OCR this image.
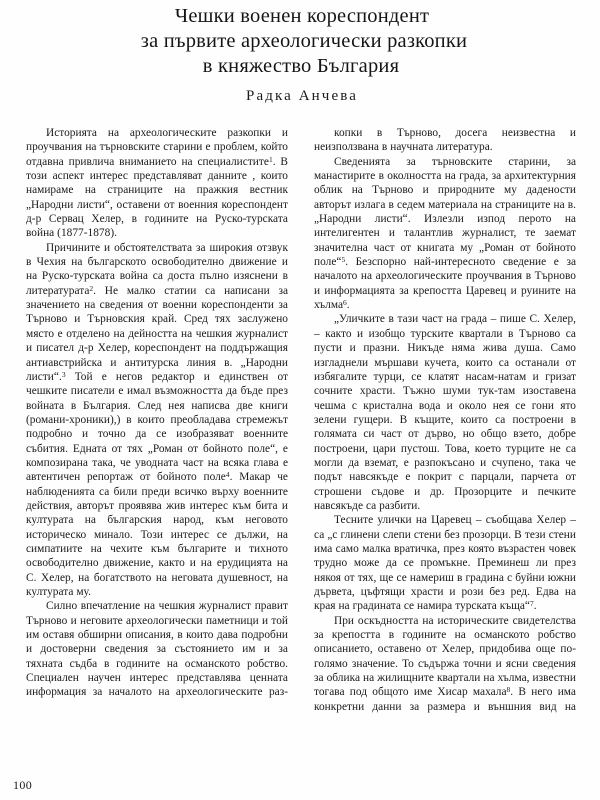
Чешки военен кореспондент
за първите археологически разкопки
в княжество България
Радка Анчева

Историята на археологическите разкопки и проучвания на търновските старини е проблем, който отдавна привлича вниманието на специалистите$^1$. В този аспект интерес представляват данните , които намираме на страниците на пражкия вестник „Народни листи“, оставени от военния кореспондент д-р Сервац Хелер, в годините на Руско-турската война (1877-1878).

Причините и обстоятелствата за широкия отзвук в Чехия на българското освободително движение и на Руско-турската война са доста пълно изяснени в литературата$^2$. Не малко статии са написани за значението на сведения от военни кореспонденти за Търново и Търновския край. Сред тях заслужено място е отделено на дейността на чешкия журналист и писател д-р Хелер, кореспондент на поддържащия антиавстрийска и антитурска линия в. „Народни листи“.$^3$ Той е негов редактор и единствен от чешките писатели е имал възможността да бъде през войната в България. След нея написва две книги (романи-хроники),) в които преобладава стремежът подробно и точно да се изобразяват военните събития. Едната от тях „Роман от бойното поле“, е композирана така, че уводната част на всяка глава е автентичен репортаж от бойното поле$^4$. Макар че наблюденията са били преди всичко върху военните действия, авторът проявява жив интерес към бита и културата на българския народ, към неговото историческо минало. Този интерес се дължи, на симпатиите на чехите към българите и тихното освободително движение, както и на ерудицията на С. Хелер, на богатството на неговата душевност, на културата му.

Силно впечатление на чешкия журналист правит Търново и неговите археологически паметници и той им оставя обширни описания, в които дава подробни и достоверни сведения за състоянието им и за тяхната съдба в годините на османското робство. Специален научен интерес представлява ценната информация за началото на археологическите раз-

копки в Търново, досега неизвестна и неизползвана в научната литература.

Сведенията за търновските старини, за манастирите в околността на града, за архитектурния облик на Търново и природните му дадености авторът излага в седем материала на страниците на в. „Народни листи“. Излезли изпод перото на интелигентен и талантлив журналист, те заемат значителна част от книгата му „Роман от бойното поле“$^5$. Безспорно най-интересното сведение е за началото на археологическите проучвания в Търново и информацията за крепостта Царевец и руините на хълма$^6$.

„Уличките в тази част на града – пише С. Хелер, – както и изобщо турските квартали в Търново са пусти и празни. Никъде няма жива душа. Само изгладнели мършави кучета, които са останали от избягалите турци, се клатят насам-натам и гризат сочните храсти. Тъжно шуми тук-там изоставена чешма с кристална вода и около нея се гони ято зелени гущери. В къщите, които са построени в голямата си част от дърво, но общо взето, добре построени, цари пустош. Това, което турците не са могли да вземат, е разпокъсано и счупено, така че подът навсякъде е покрит с парцали, парчета от строшени съдове и др. Прозорците и печките навсякъде са разбити.

Тесните улички на Царевец – съобщава Хелер – са „с глинени слепи стени без прозорци. В тези стени има само малка вратичка, през която възрастен човек трудно може да се промъкне. Преминеш ли през някоя от тях, ще се намериш в градина с буйни южни дървета, цъфтящи храсти и рози без ред. Едва на края на градината се намира турската къща“$^7$.

При оскъдността на историческите свидетелства за крепостта в годините на османското робство описанието, оставено от Хелер, придобива още по-голямо значение. То съдържа точни и ясни сведения за облика на жилищните квартали на хълма, известни тогава под общото име Хисар махала$^8$. В него има конкретни данни за размера и външния вид на

100
